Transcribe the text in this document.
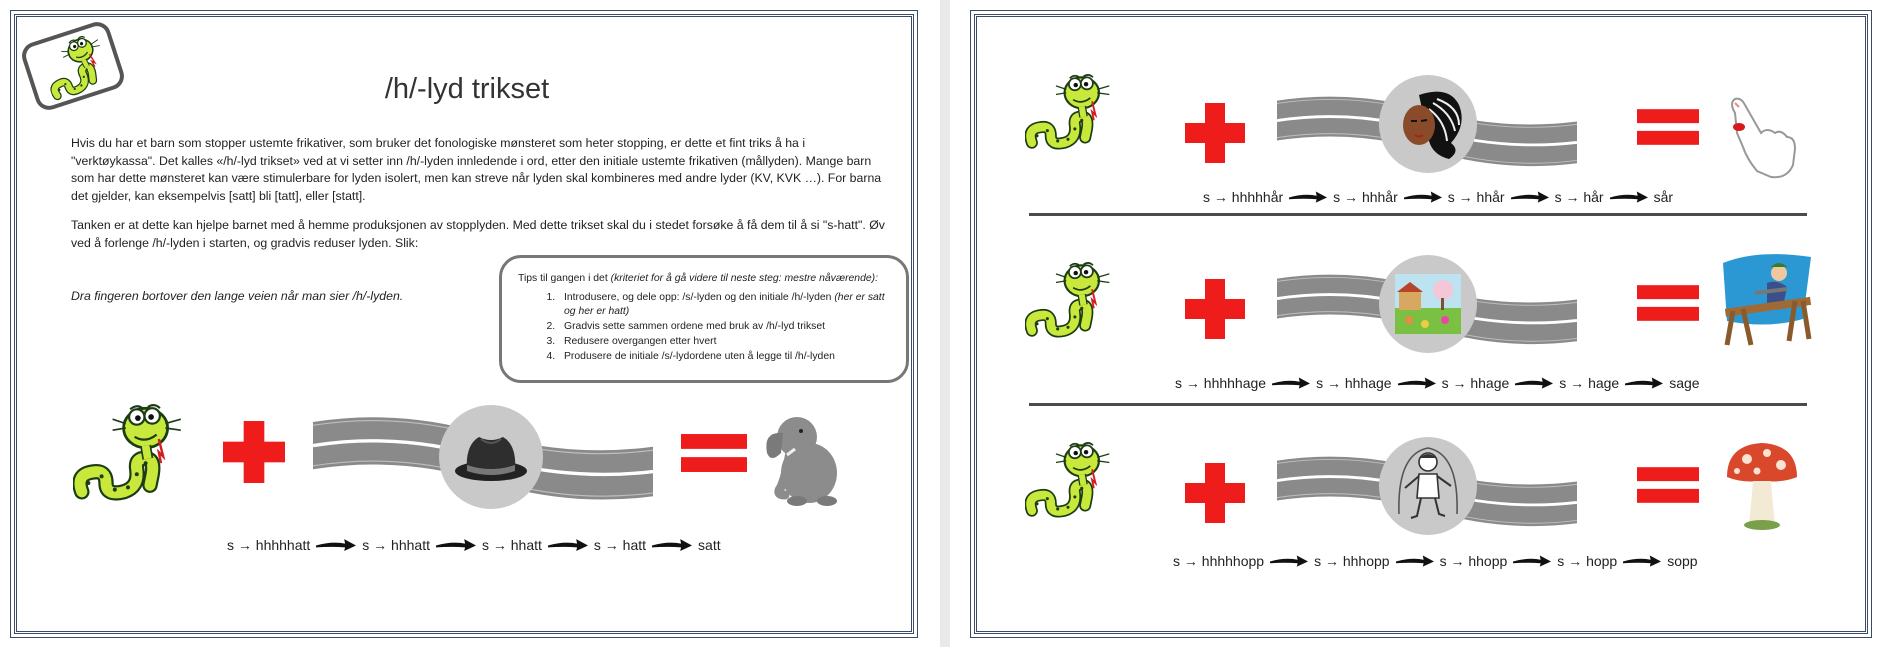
/h/-lyd trikset

Hvis du har et barn som stopper ustemte frikativer, som bruker det fonologiske mønsteret som heter stopping, er dette et fint triks å ha i "verktøykassa". Det kalles «/h/-lyd trikset» ved at vi setter inn /h/-lyden innledende i ord, etter den initiale ustemte frikativen (mållyden). Mange barn som har dette mønsteret kan være stimulerbare for lyden isolert, men kan streve når lyden skal kombineres med andre lyder (KV, KVK …). For barna det gjelder, kan eksempelvis [satt] bli [tatt], eller [statt].

Tanken er at dette kan hjelpe barnet med å hemme produksjonen av stopplyden. Med dette trikset skal du i stedet forsøke å få dem til å si "s-hatt". Øv ved å forlenge /h/-lyden i starten, og gradvis reduser lyden. Slik:

Dra fingeren bortover den lange veien når man sier /h/-lyden.

Tips til gangen i det (kriteriet for å gå videre til neste steg: mestre nåværende):
1. Introdusere, og dele opp: /s/-lyden og den initiale /h/-lyden (her er satt og her er hatt)
2. Gradvis sette sammen ordene med bruk av /h/-lyd trikset
3. Redusere overgangen etter hvert
4. Produsere de initiale /s/-lydordene uten å legge til /h/-lyden
s → hhhhhatt	s → hhhatt	s → hhatt	s → hatt	satt
s → hhhhhår	s → hhhår	s → hhår	s → hår	sår
s → hhhhhage	s → hhhage	s → hhage	s → hage	sage
s → hhhhhopp	s → hhhopp	s → hhopp	s → hopp	sopp
